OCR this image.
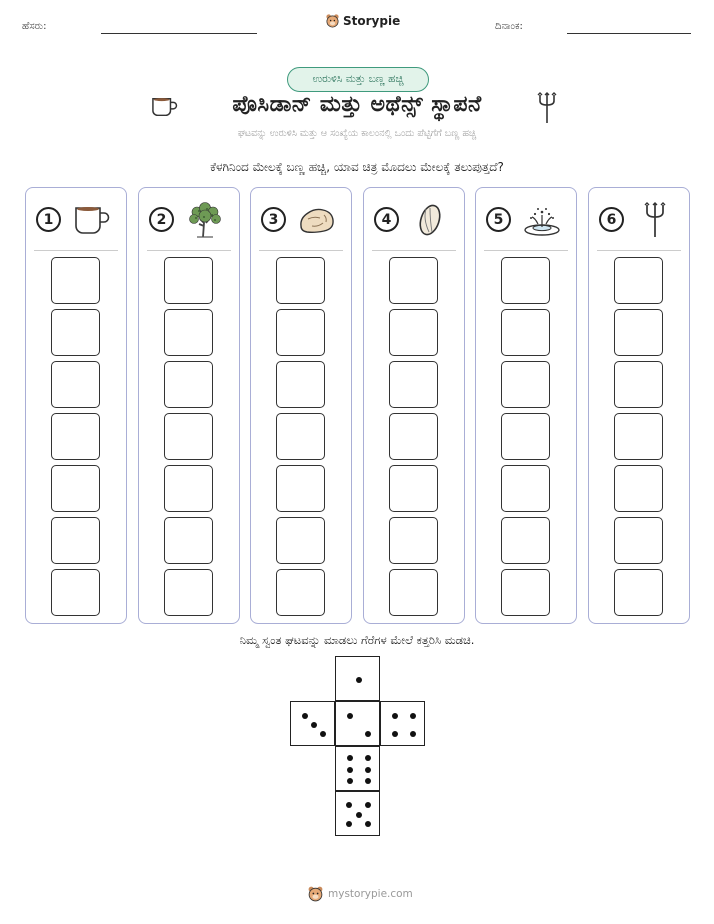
ಹೆಸರು:	Storypie	ದಿನಾಂಕ:
ಉರುಳಿಸಿ ಮತ್ತು ಬಣ್ಣ ಹಚ್ಚಿ
ಪೊಸಿಡಾನ್ ಮತ್ತು ಅಥೆನ್ಸ್ ಸ್ಥಾಪನೆ
ಘಟವನ್ನು ಉರುಳಿಸಿ ಮತ್ತು ಆ ಸಂಖ್ಯೆಯ ಕಾಲಂನಲ್ಲಿ ಒಂದು ಪೆಟ್ಟಿಗೆಗೆ ಬಣ್ಣ ಹಚ್ಚಿ
ಕೆಳಗಿನಿಂದ ಮೇಲಕ್ಕೆ ಬಣ್ಣ ಹಚ್ಚಿ, ಯಾವ ಚಿತ್ರ ಮೊದಲು ಮೇಲಕ್ಕೆ ತಲುಪುತ್ತದೆ?
1	2	3	4	5	6
ನಿಮ್ಮ ಸ್ವಂತ ಘಟವನ್ನು ಮಾಡಲು ಗೆರೆಗಳ ಮೇಲೆ ಕತ್ತರಿಸಿ ಮಡಚಿ.
mystorypie.com
